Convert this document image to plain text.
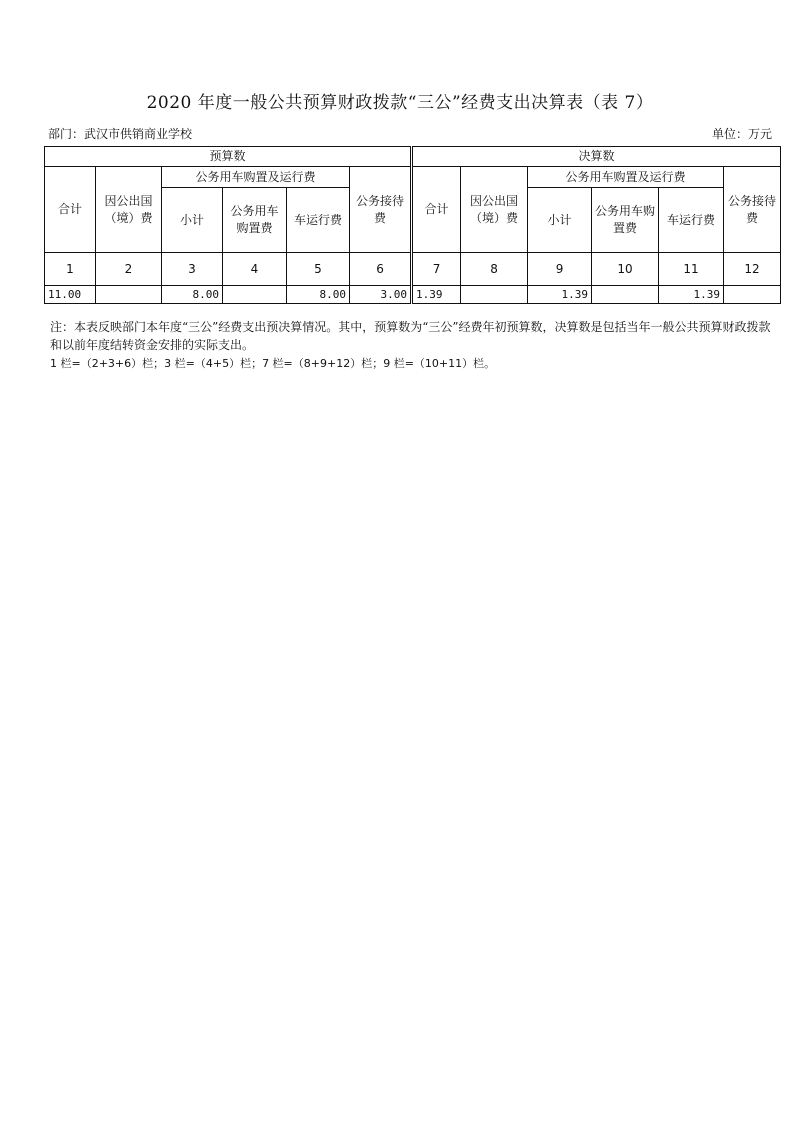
2020 年度一般公共预算财政拨款“三公”经费支出决算表（表 7）
部门：武汉市供销商业学校	单位：万元
预算数						决算数					
合计	因公出国（境）费	公务用车购置及运行费			公务接待费	合计	因公出国（境）费	公务用车购置及运行费			公务接待费
		小计	公务用车购置费	车运行费				小计	公务用车购置费	车运行费	
1	2	3	4	5	6	7	8	9	10	11	12
11.00		8.00		8.00	3.00	1.39		1.39		1.39	
注：本表反映部门本年度“三公”经费支出预决算情况。其中，预算数为“三公”经费年初预算数，决算数是包括当年一般公共预算财政拨款和以前年度结转资金安排的实际支出。
1 栏=（2+3+6）栏；3 栏=（4+5）栏；7 栏=（8+9+12）栏；9 栏=（10+11）栏。
